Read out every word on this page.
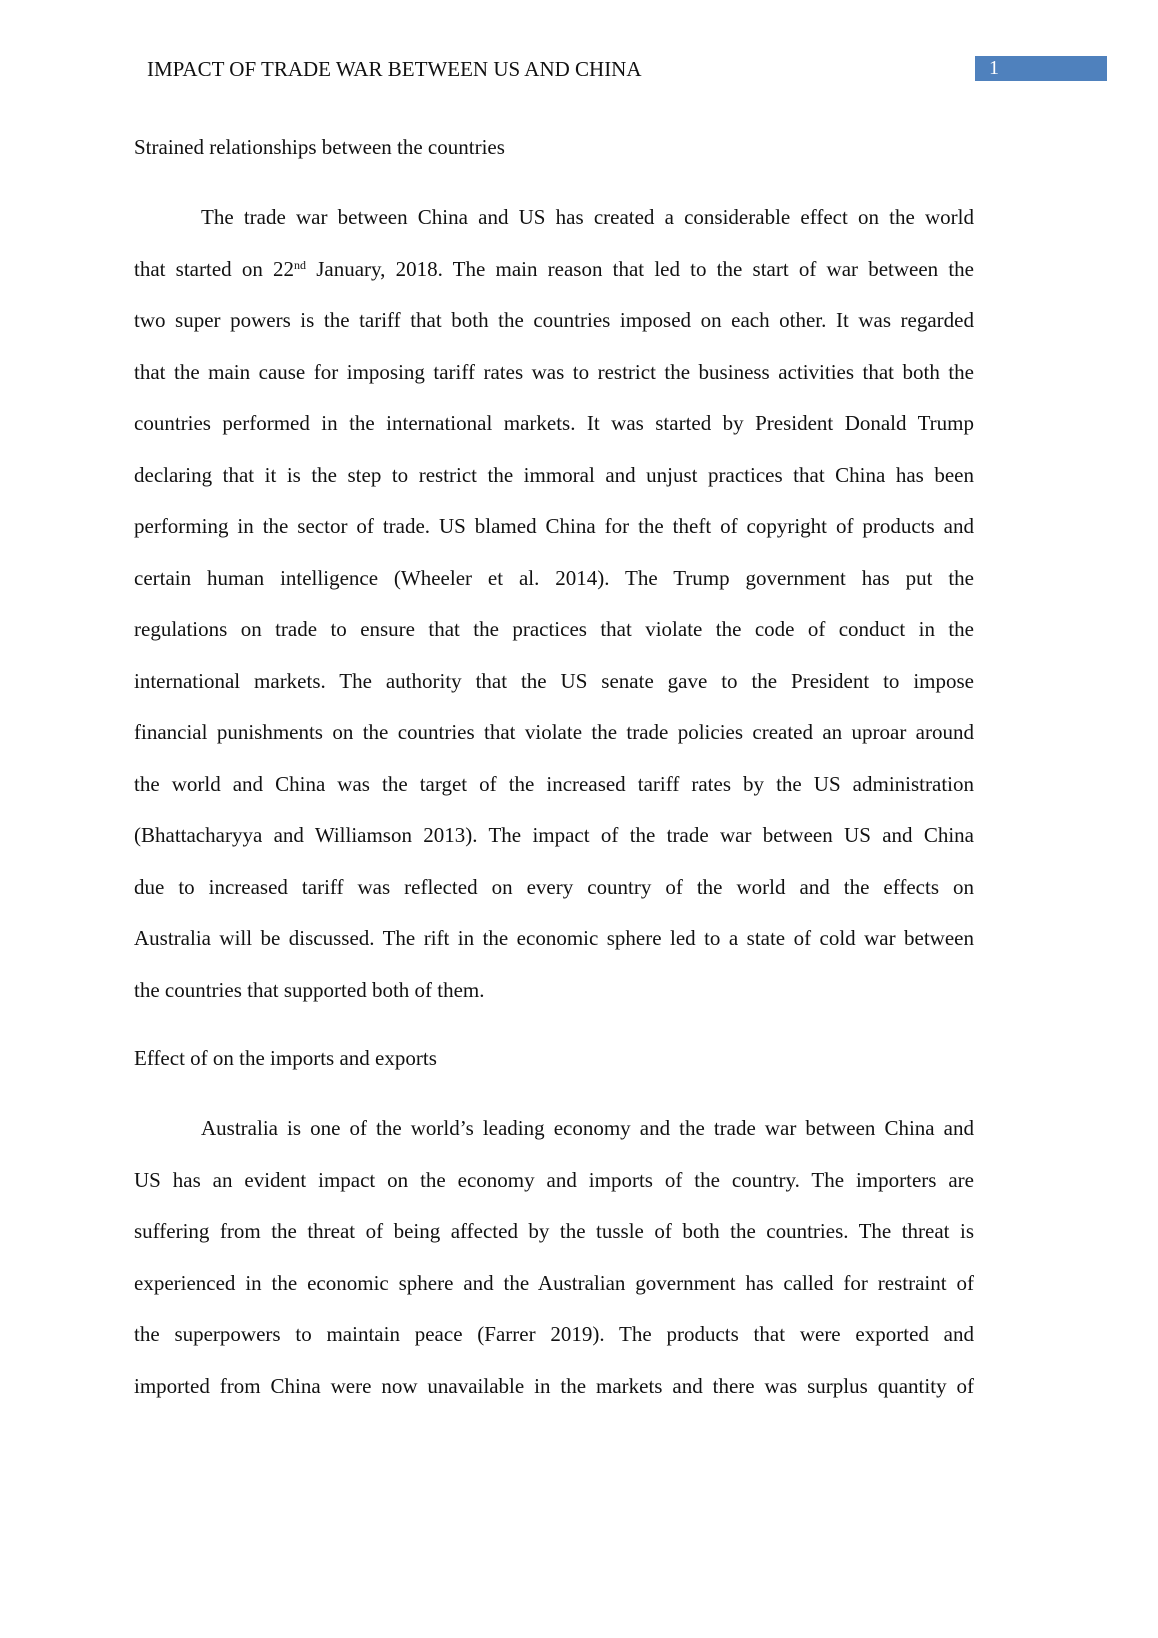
IMPACT OF TRADE WAR BETWEEN US AND CHINA	1

Strained relationships between the countries

The trade war between China and US has created a considerable effect on the world
that started on 22nd January, 2018. The main reason that led to the start of war between the
two super powers is the tariff that both the countries imposed on each other. It was regarded
that the main cause for imposing tariff rates was to restrict the business activities that both the
countries performed in the international markets. It was started by President Donald Trump
declaring that it is the step to restrict the immoral and unjust practices that China has been
performing in the sector of trade. US blamed China for the theft of copyright of products and
certain human intelligence (Wheeler et al. 2014). The Trump government has put the
regulations on trade to ensure that the practices that violate the code of conduct in the
international markets. The authority that the US senate gave to the President to impose
financial punishments on the countries that violate the trade policies created an uproar around
the world and China was the target of the increased tariff rates by the US administration
(Bhattacharyya and Williamson 2013). The impact of the trade war between US and China
due to increased tariff was reflected on every country of the world and the effects on
Australia will be discussed. The rift in the economic sphere led to a state of cold war between
the countries that supported both of them.

Effect of on the imports and exports

Australia is one of the world’s leading economy and the trade war between China and
US has an evident impact on the economy and imports of the country. The importers are
suffering from the threat of being affected by the tussle of both the countries. The threat is
experienced in the economic sphere and the Australian government has called for restraint of
the superpowers to maintain peace (Farrer 2019). The products that were exported and
imported from China were now unavailable in the markets and there was surplus quantity of
